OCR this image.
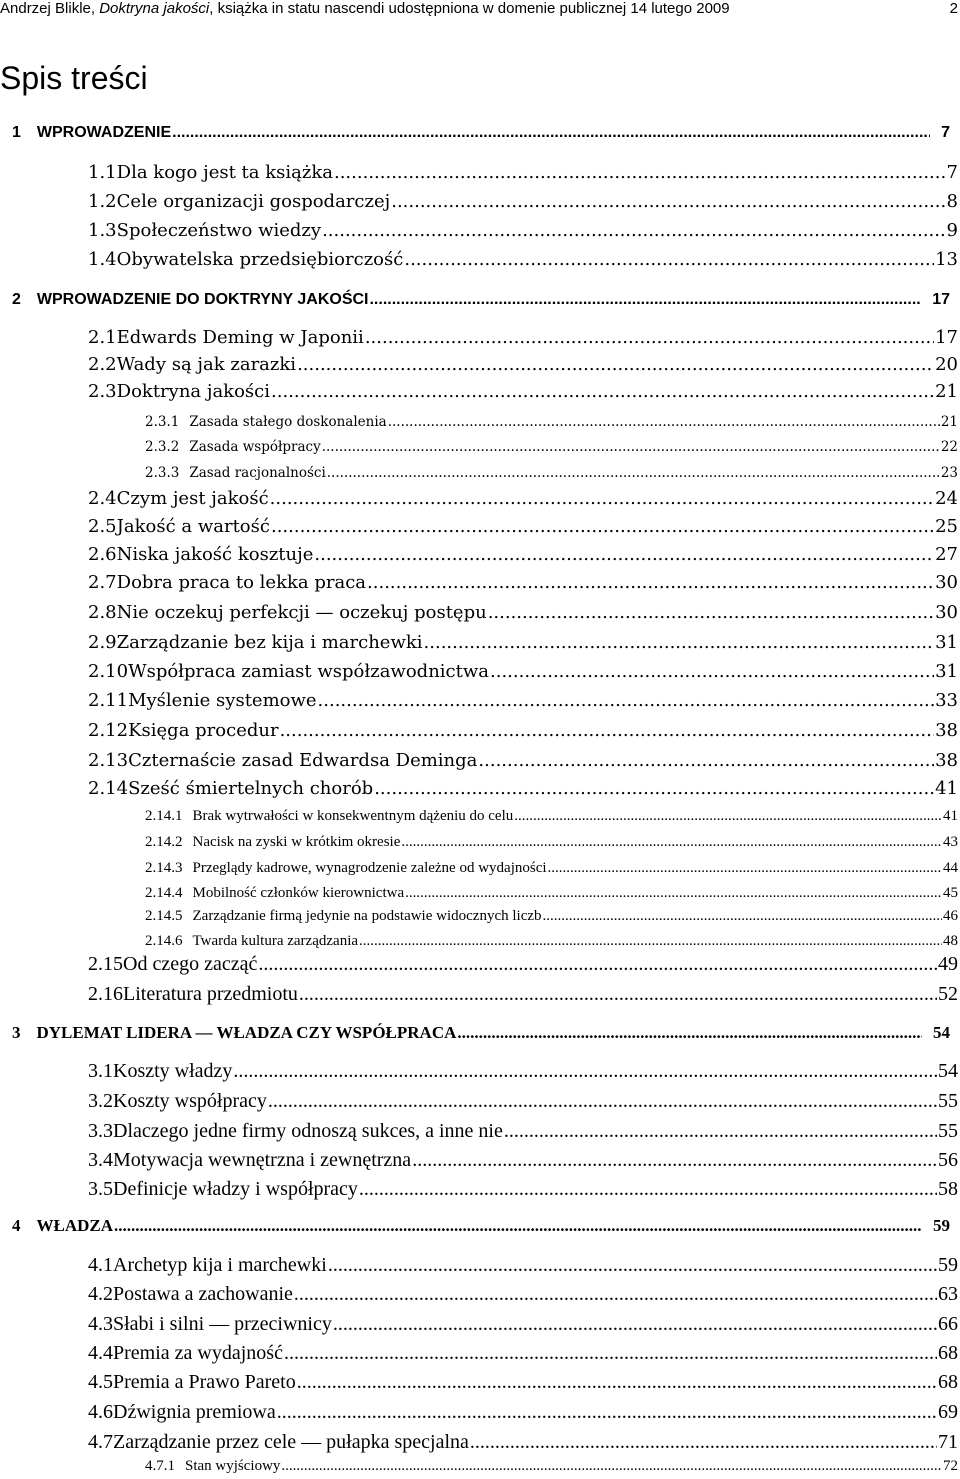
Andrzej Blikle, Doktryna jakości, książka in statu nascendi udostępniona w domenie publicznej 14 lutego 2009	2
Spis treści
1 WPROWADZENIE .....	7
1.1Dla kogo jest ta książka .....	7
1.2Cele organizacji gospodarczej .....	8
1.3Społeczeństwo wiedzy .....	9
1.4Obywatelska przedsiębiorczość .....	13
2 WPROWADZENIE DO DOKTRYNY JAKOŚCI .....	17
2.1Edwards Deming w Japonii .....	17
2.2Wady są jak zarazki .....	20
2.3Doktryna jakości .....	21
2.3.1 Zasada stałego doskonalenia .....	21
2.3.2 Zasada współpracy .....	22
2.3.3 Zasad racjonalności .....	23
2.4Czym jest jakość .....	24
2.5Jakość a wartość .....	25
2.6Niska jakość kosztuje .....	27
2.7Dobra praca to lekka praca .....	30
2.8Nie oczekuj perfekcji — oczekuj postępu .....	30
2.9Zarządzanie bez kija i marchewki .....	31
2.10Współpraca zamiast współzawodnictwa .....	31
2.11Myślenie systemowe .....	33
2.12Księga procedur .....	38
2.13Czternaście zasad Edwardsa Deminga .....	38
2.14Sześć śmiertelnych chorób .....	41
2.14.1 Brak wytrwałości w konsekwentnym dążeniu do celu .....	41
2.14.2 Nacisk na zyski w krótkim okresie .....	43
2.14.3 Przeglądy kadrowe, wynagrodzenie zależne od wydajności .....	44
2.14.4 Mobilność członków kierownictwa .....	45
2.14.5 Zarządzanie firmą jedynie na podstawie widocznych liczb .....	46
2.14.6 Twarda kultura zarządzania .....	48
2.15Od czego zacząć .....	49
2.16Literatura przedmiotu .....	52
3 DYLEMAT LIDERA — WŁADZA CZY WSPÓŁPRACA .....	54
3.1Koszty władzy .....	54
3.2Koszty współpracy .....	55
3.3Dlaczego jedne firmy odnoszą sukces, a inne nie .....	55
3.4Motywacja wewnętrzna i zewnętrzna .....	56
3.5Definicje władzy i współpracy .....	58
4 WŁADZA .....	59
4.1Archetyp kija i marchewki .....	59
4.2Postawa a zachowanie .....	63
4.3Słabi i silni — przeciwnicy .....	66
4.4Premia za wydajność .....	68
4.5Premia a Prawo Pareto .....	68
4.6Dźwignia premiowa .....	69
4.7Zarządzanie przez cele — pułapka specjalna .....	71
4.7.1 Stan wyjściowy .....	72
